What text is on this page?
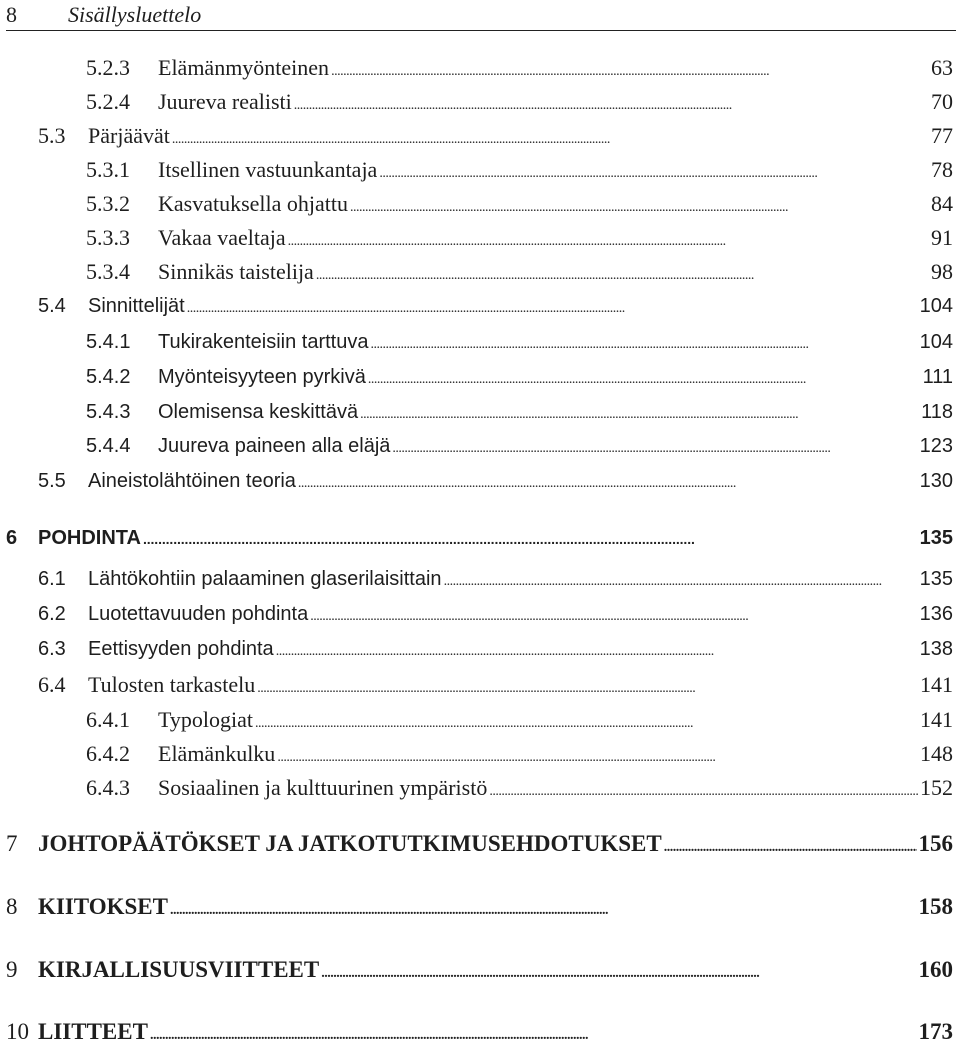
8 Sisällysluettelo
5.2.3	Elämänmyönteinen . . .	63
5.2.4	Juureva realisti . . .	70
5.3	Pärjäävät . . .	77
5.3.1	Itsellinen vastuunkantaja . . .	78
5.3.2	Kasvatuksella ohjattu . . .	84
5.3.3	Vakaa vaeltaja . . .	91
5.3.4	Sinnikäs taistelija . . .	98
5.4	Sinnittelijät . . .	104
5.4.1	Tukirakenteisiin tarttuva . . .	104
5.4.2	Myönteisyyteen pyrkivä . . .	111
5.4.3	Olemisensa keskittävä . . .	118
5.4.4	Juureva paineen alla eläjä . . .	123
5.5	Aineistolähtöinen teoria . . .	130
6	POHDINTA . . .	135
6.1	Lähtökohtiin palaaminen glaserilaisittain . . .	135
6.2	Luotettavuuden pohdinta . . .	136
6.3	Eettisyyden pohdinta . . .	138
6.4	Tulosten tarkastelu . . .	141
6.4.1	Typologiat . . .	141
6.4.2	Elämänkulku . . .	148
6.4.3	Sosiaalinen ja kulttuurinen ympäristö . . .	152
7 JOHTOPÄÄTÖKSET JA JATKOTUTKIMUSEHDOTUKSET . . .	156
8 KIITOKSET . . .	158
9 KIRJALLISUUSVIITTEET . . .	160
10 LIITTEET . . .	173
